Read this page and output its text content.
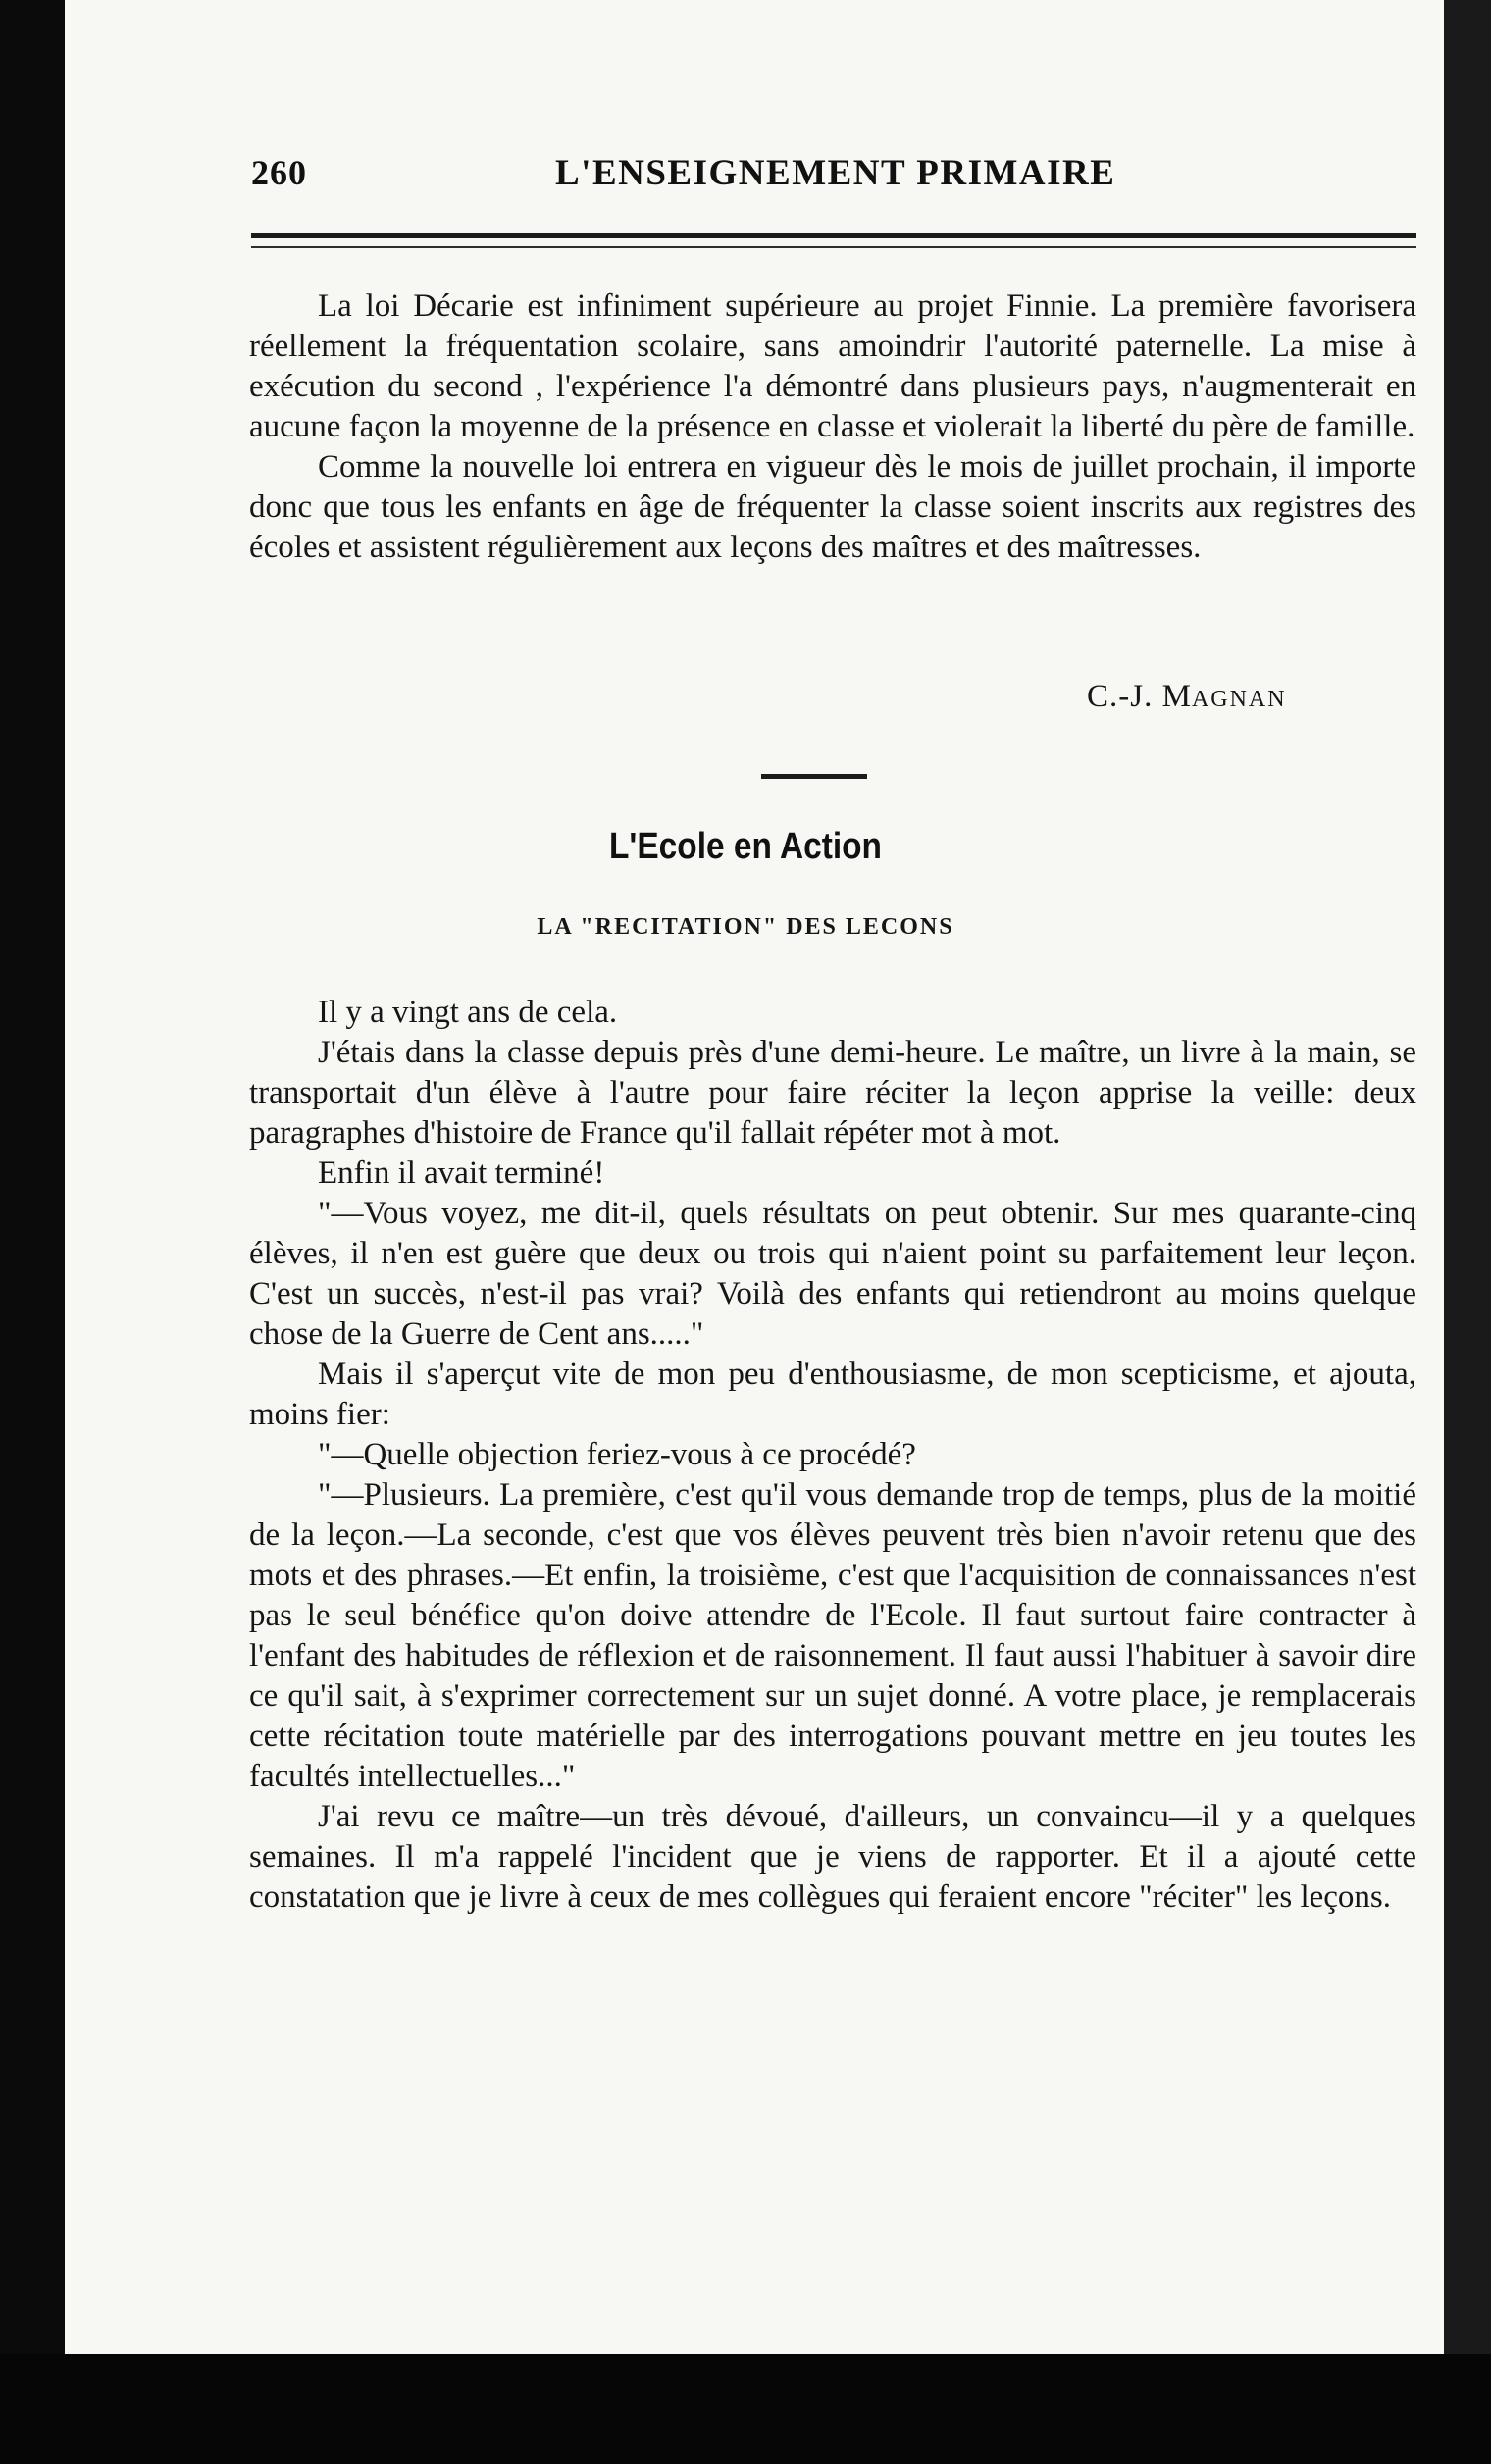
260	L'ENSEIGNEMENT PRIMAIRE

La loi Décarie est infiniment supérieure au projet Finnie. La première favorisera réellement la fréquentation scolaire, sans amoindrir l'autorité paternelle. La mise à exécution du second , l'expérience l'a démontré dans plusieurs pays, n'augmenterait en aucune façon la moyenne de la présence en classe et violerait la liberté du père de famille.

Comme la nouvelle loi entrera en vigueur dès le mois de juillet prochain, il importe donc que tous les enfants en âge de fréquenter la classe soient inscrits aux registres des écoles et assistent régulièrement aux leçons des maîtres et des maîtresses.

C.-J. MAGNAN
L'Ecole en Action
LA "RECITATION" DES LECONS

Il y a vingt ans de cela.

J'étais dans la classe depuis près d'une demi-heure. Le maître, un livre à la main, se transportait d'un élève à l'autre pour faire réciter la leçon apprise la veille: deux paragraphes d'histoire de France qu'il fallait répéter mot à mot.

Enfin il avait terminé!

"—Vous voyez, me dit-il, quels résultats on peut obtenir. Sur mes quarante-cinq élèves, il n'en est guère que deux ou trois qui n'aient point su parfaitement leur leçon. C'est un succès, n'est-il pas vrai? Voilà des enfants qui retiendront au moins quelque chose de la Guerre de Cent ans....."

Mais il s'aperçut vite de mon peu d'enthousiasme, de mon scepticisme, et ajouta, moins fier:

"—Quelle objection feriez-vous à ce procédé?

"—Plusieurs. La première, c'est qu'il vous demande trop de temps, plus de la moitié de la leçon.—La seconde, c'est que vos élèves peuvent très bien n'avoir retenu que des mots et des phrases.—Et enfin, la troisième, c'est que l'acquisition de connaissances n'est pas le seul bénéfice qu'on doive attendre de l'Ecole. Il faut surtout faire contracter à l'enfant des habitudes de réflexion et de raisonnement. Il faut aussi l'habituer à savoir dire ce qu'il sait, à s'exprimer correctement sur un sujet donné. A votre place, je remplacerais cette récitation toute matérielle par des interrogations pouvant mettre en jeu toutes les facultés intellectuelles..."

J'ai revu ce maître—un très dévoué, d'ailleurs, un convaincu—il y a quelques semaines. Il m'a rappelé l'incident que je viens de rapporter. Et il a ajouté cette constatation que je livre à ceux de mes collègues qui feraient encore "réciter" les leçons.
